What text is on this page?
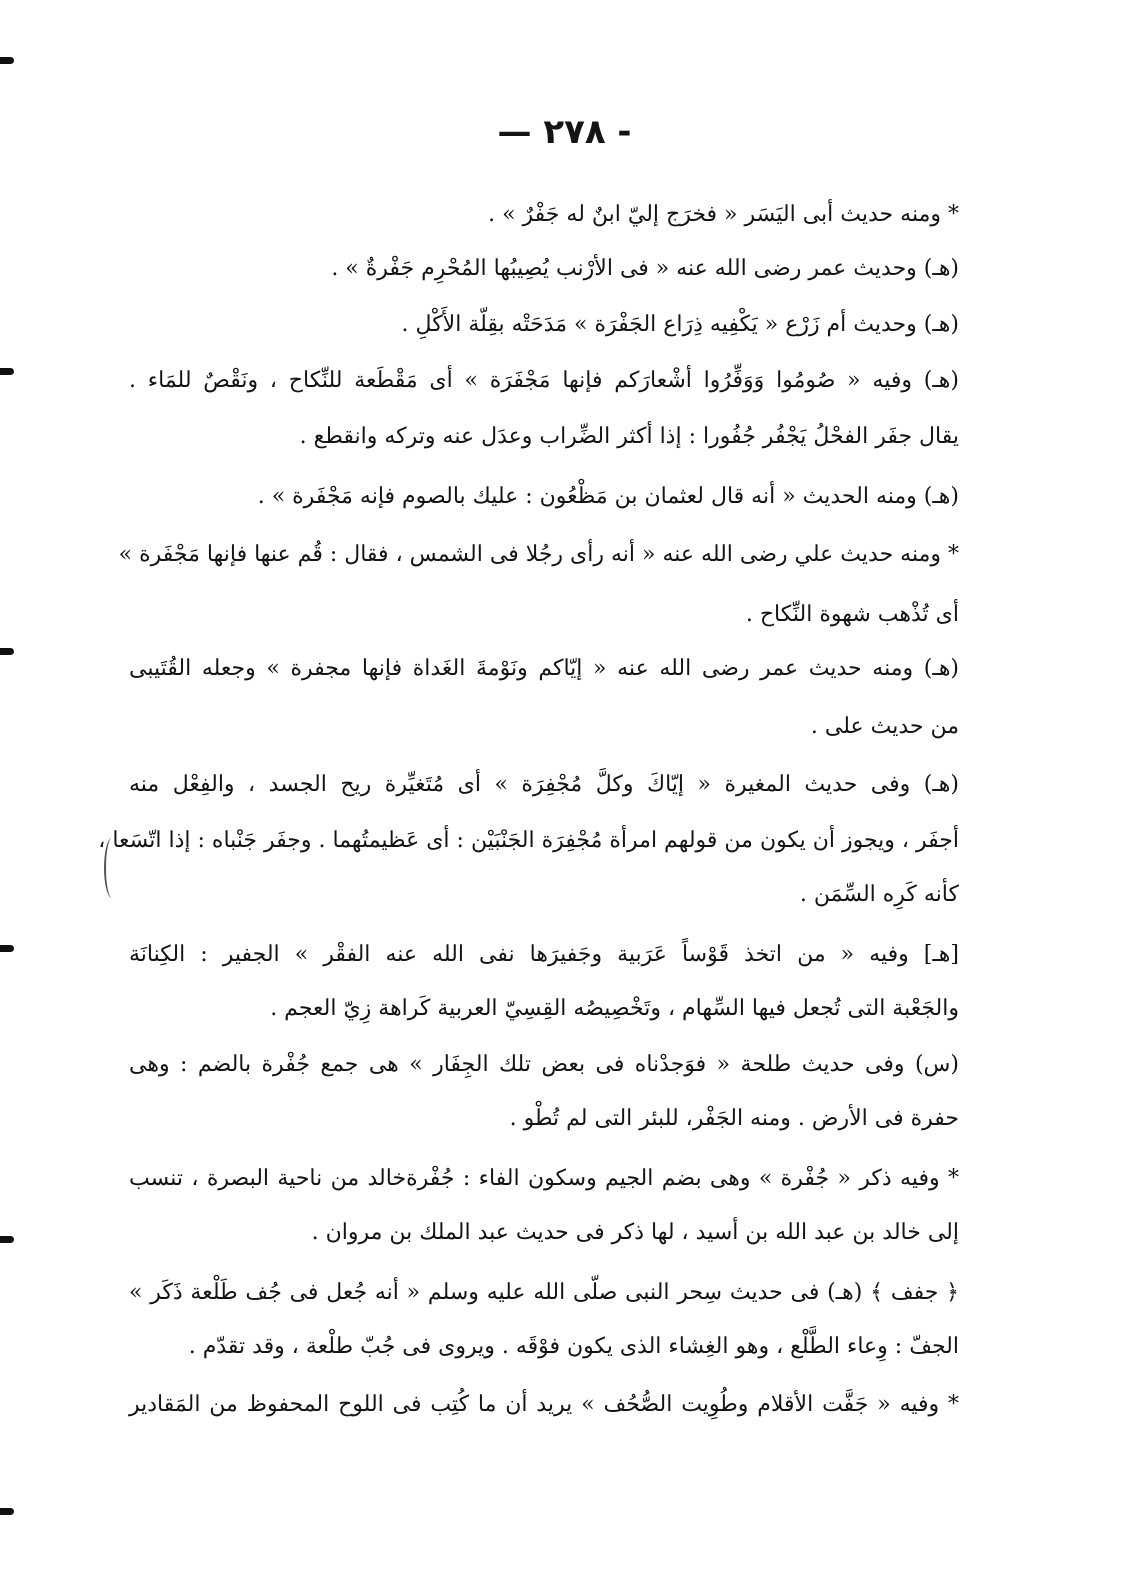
— ٢٧٨ -
* ومنه حديث أبى اليَسَر « فخرَج إليّ ابنٌ له جَفْرٌ » .
(هـ) وحديث عمر رضى الله عنه « فى الأرْنب يُصِيبُها المُحْرِم جَفْرةٌ » .
(هـ) وحديث أم زَرْع « يَكْفِيه ذِرَاع الجَفْرَة » مَدَحَتْه بقِلّة الأَكْلِ .
(هـ) وفيه « صُومُوا وَوَفِّرُوا أشْعارَكم فإنها مَجْفَرَة » أى مَقْطَعة للنِّكاح ، ونَقْصٌ للمَاء .
يقال جفَر الفحْلُ يَجْفُر جُفُورا : إذا أكثر الضِّراب وعدَل عنه وتركه وانقطع .
(هـ) ومنه الحديث « أنه قال لعثمان بن مَظْعُون : عليك بالصوم فإنه مَجْفَرة » .
* ومنه حديث علي رضى الله عنه « أنه رأى رجُلا فى الشمس ، فقال : قُم عنها فإنها مَجْفَرة »
أى تُذْهب شهوة النِّكاح .
(هـ) ومنه حديث عمر رضى الله عنه « إيّاكم ونَوْمةَ الغَداة فإنها مجفرة » وجعله القُتَيبى
من حديث على .
(هـ) وفى حديث المغيرة « إيّاكَ وكلَّ مُجْفِرَة » أى مُتَغيِّرة ريح الجسد ، والفِعْل منه
أجفَر ، ويجوز أن يكون من قولهم امرأة مُجْفِرَة الجَنْبَيْن : أى عَظيمتُهما . وجفَر جَنْباه : إذا اتّسَعا ،
كأنه كَرِه السِّمَن .
[هـ] وفيه « من اتخذ قَوْساً عَرَبية وجَفيرَها نفى الله عنه الفقْر » الجفير : الكِنانَة
والجَعْبة التى تُجعل فيها السِّهام ، وتَخْصِيصُه القِسِيّ العربية كَراهة زِيّ العجم .
(س) وفى حديث طلحة « فوَجدْناه فى بعض تلك الجِفَار » هى جمع جُفْرة بالضم : وهى
حفرة فى الأرض . ومنه الجَفْر، للبئر التى لم تُطْو .
* وفيه ذكر « جُفْرة » وهى بضم الجيم وسكون الفاء : جُفْرةخالد من ناحية البصرة ، تنسب
إلى خالد بن عبد الله بن أسيد ، لها ذكر فى حديث عبد الملك بن مروان .
﴿ جفف ﴾ (هـ) فى حديث سِحر النبى صلّى الله عليه وسلم « أنه جُعل فى جُف طَلْعة ذَكَر »
الجفّ : وِعاء الطَّلْع ، وهو الغِشاء الذى يكون فوْقَه . ويروى فى جُبّ طلْعة ، وقد تقدّم .
* وفيه « جَفَّت الأقلام وطُوِيت الصُّحُف » يريد أن ما كُتِب فى اللوح المحفوظ من المَقادير
